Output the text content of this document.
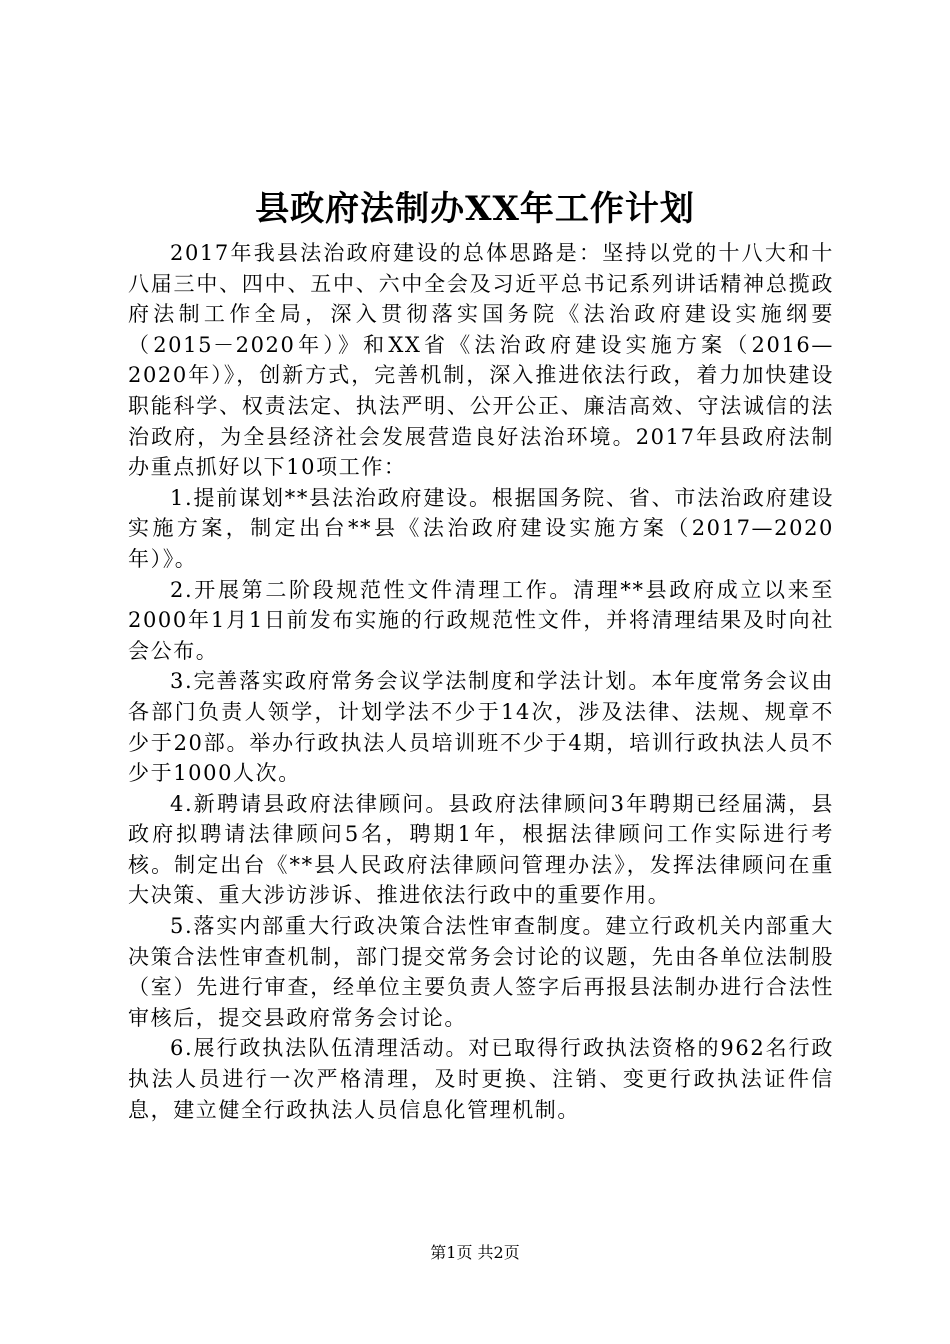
县政府法制办XX年工作计划

2017年我县法治政府建设的总体思路是：坚持以党的十八大和十八届三中、四中、五中、六中全会及习近平总书记系列讲话精神总揽政府法制工作全局，深入贯彻落实国务院《法治政府建设实施纲要（2015－2020年）》和XX省《法治政府建设实施方案（2016—2020年）》，创新方式，完善机制，深入推进依法行政，着力加快建设职能科学、权责法定、执法严明、公开公正、廉洁高效、守法诚信的法治政府，为全县经济社会发展营造良好法治环境。2017年县政府法制办重点抓好以下10项工作：

1.提前谋划**县法治政府建设。根据国务院、省、市法治政府建设实施方案，制定出台**县《法治政府建设实施方案（2017—2020年）》。

2.开展第二阶段规范性文件清理工作。清理**县政府成立以来至2000年1月1日前发布实施的行政规范性文件，并将清理结果及时向社会公布。

3.完善落实政府常务会议学法制度和学法计划。本年度常务会议由各部门负责人领学，计划学法不少于14次，涉及法律、法规、规章不少于20部。举办行政执法人员培训班不少于4期，培训行政执法人员不少于1000人次。

4.新聘请县政府法律顾问。县政府法律顾问3年聘期已经届满，县政府拟聘请法律顾问5名，聘期1年，根据法律顾问工作实际进行考核。制定出台《**县人民政府法律顾问管理办法》，发挥法律顾问在重大决策、重大涉访涉诉、推进依法行政中的重要作用。

5.落实内部重大行政决策合法性审查制度。建立行政机关内部重大决策合法性审查机制，部门提交常务会讨论的议题，先由各单位法制股（室）先进行审查，经单位主要负责人签字后再报县法制办进行合法性审核后，提交县政府常务会讨论。

6.展行政执法队伍清理活动。对已取得行政执法资格的962名行政执法人员进行一次严格清理，及时更换、注销、变更行政执法证件信息，建立健全行政执法人员信息化管理机制。

第1页 共2页
